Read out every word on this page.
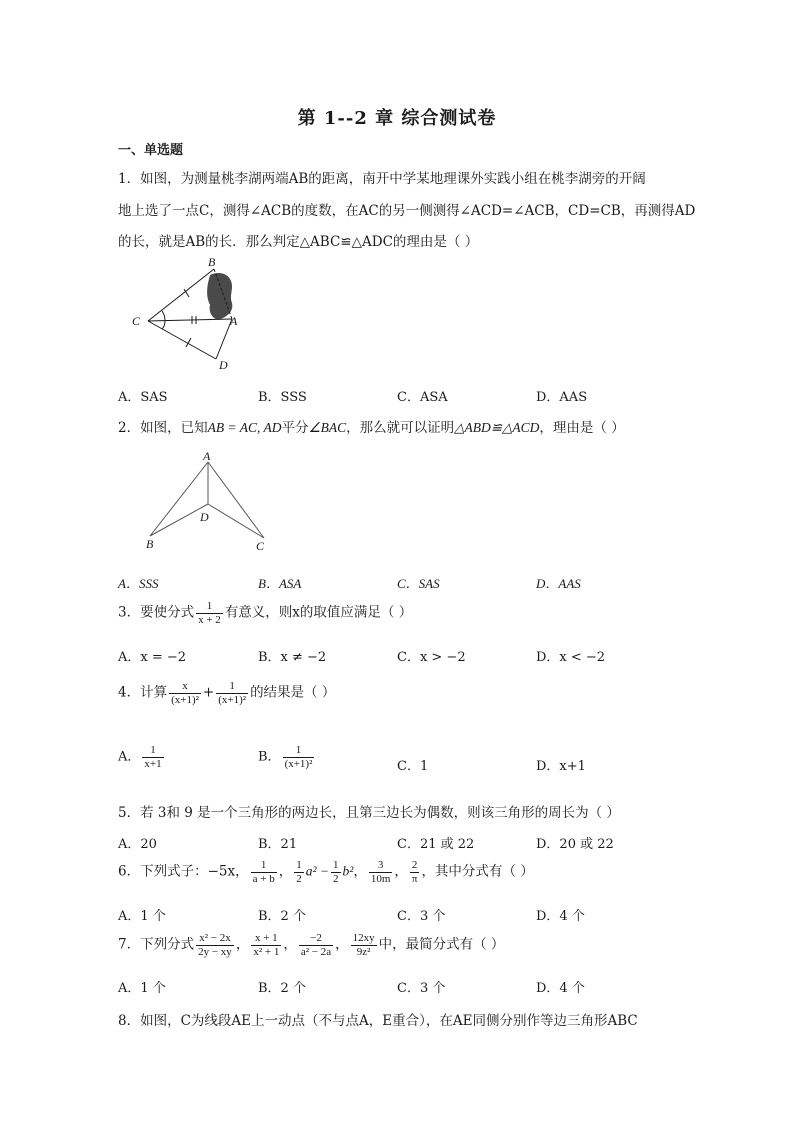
第 1--2 章 综合测试卷
一、单选题
1．如图，为测量桃李湖两端AB的距离，南开中学某地理课外实践小组在桃李湖旁的开阔
地上选了一点C，测得∠ACB的度数，在AC的另一侧测得∠ACD=∠ACB，CD=CB，再测得AD
的长，就是AB的长．那么判定△ABC≌△ADC的理由是（ ）
B
C	A
D
A．SAS	B．SSS	C．ASA	D．AAS
2．如图，已知AB = AC, AD平分∠BAC，那么就可以证明△ABD≌△ACD，理由是（ ）
A
D
B	C
A．SSS	B．ASA	C．SAS	D．AAS
3．要使分式 $\frac{1}{x + 2}$ 有意义，则x的取值应满足（ ）
A．x = −2	B．x ≠ −2	C．x > −2	D．x < −2
4．计算 $\frac{x}{\text{(x+1)²}} + \frac{1}{\text{(x+1)²}}$ 的结果是（ ）
A． $\frac{1}{x+1}$	B． $\frac{1}{\text{(x+1)²}}$	C．1	D．x+1
5．若 3和 9 是一个三角形的两边长，且第三边长为偶数，则该三角形的周长为（ ）
A．20	B．21	C．21 或 22	D．20 或 22
6．下列式子：−5x， $\frac{1}{a + b}$ ， $\frac{1}{2} a^2 - \frac{1}{2} b^2$， $\frac{3}{10m}$ ， $\frac{2}{\pi}$ ，其中分式有（ ）
A．1 个	B．2 个	C．3 个	D．4 个
7．下列分式 $\frac{\text{x² − 2x}}{2y - xy}$ ， $\frac{x + 1}{\text{x² + 1}}$ ， $\frac{-2}{\text{a² − 2a}}$ ， $\frac{12xy}{\text{9z²}}$ 中，最简分式有（ ）
A．1 个	B．2 个	C．3 个	D．4 个
8．如图，C为线段AE上一动点（不与点A，E重合），在AE同侧分别作等边三角形ABC
